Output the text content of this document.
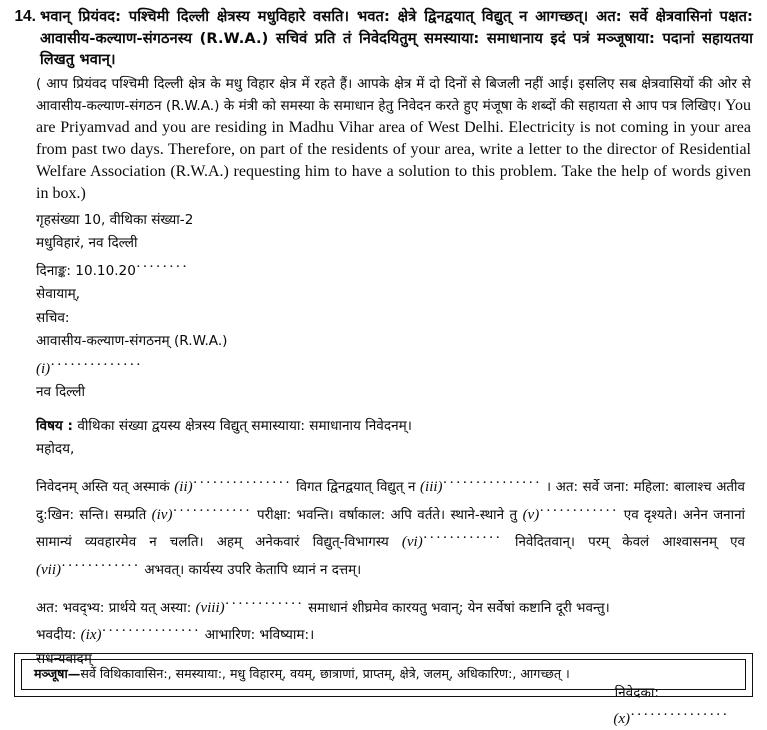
14. भवान् प्रियंवद: पश्चिमी दिल्ली क्षेत्रस्य मधुविहारे वसति। भवत: क्षेत्रे द्विनद्वयात् विद्युत् न आगच्छत्। अत: सर्वे क्षेत्रवासिनां पक्षत: आवासीय-कल्याण-संगठनस्य (R.W.A.) सचिवं प्रति तं निवेदयितुम् समस्याया: समाधानाय इदं पत्रं मञ्जूषाया: पदानां सहायतया लिखतु भवान्।
( आप प्रियंवद पश्चिमी दिल्ली क्षेत्र के मधु विहार क्षेत्र में रहते हैं। आपके क्षेत्र में दो दिनों से बिजली नहीं आई। इसलिए सब क्षेत्रवासियों की ओर से आवासीय-कल्याण-संगठन (R.W.A.) के मंत्री को समस्या के समाधान हेतु निवेदन करते हुए मंजूषा के शब्दों की सहायता से आप पत्र लिखिए। You are Priyamvad and you are residing in Madhu Vihar area of West Delhi. Electricity is not coming in your area from past two days. Therefore, on part of the residents of your area, write a letter to the director of Residential Welfare Association (R.W.A.) requesting him to have a solution to this problem. Take the help of words given in box.)
गृहसंख्या 10, वीथिका संख्या-2
मधुविहारं, नव दिल्ली
दिनाङ्क: 10.10.20········
सेवायाम्,
सचिव:
आवासीय-कल्याण-संगठनम् (R.W.A.)
(i)··············
नव दिल्ली
विषय : वीथिका संख्या द्वयस्य क्षेत्रस्य विद्युत् समास्याया: समाधानाय निवेदनम्।
महोदय,
निवेदनम् अस्ति यत् अस्माकं (ii)··············· विगत द्विनद्वयात् विद्युत् न (iii)··············· । अत: सर्वे जना: महिला: बालाश्च अतीव दु:खिन: सन्ति। सम्प्रति (iv)············ परीक्षा: भवन्ति। वर्षाकाल: अपि वर्तते। स्थाने-स्थाने तु (v)············ एव दृश्यते। अनेन जनानां सामान्यं व्यवहारमेव न चलति। अहम् अनेकवारं विद्युत्-विभागस्य (vi)············ निवेदितवान्। परम् केवलं आश्वासनम् एव (vii)············ अभवत्। कार्यस्य उपरि केतापि ध्यानं न दत्तम्।
अत: भवद्भ्य: प्रार्थये यत् अस्या: (viii)············ समाधानं शीघ्रमेव कारयतु भवान्; येन सर्वेषां कष्टानि दूरी भवन्तु।
भवदीय: (ix)··············· आभारिण: भविष्याम:।
सधन्यवादम्
निवेदका:
(x)···············
मञ्जूषा—सर्वे विथिकावासिन:, समस्याया:, मधु विहारम्, वयम्, छात्राणां, प्राप्तम्, क्षेत्रे, जलम्, अधिकारिण:, आगच्छत् ।
